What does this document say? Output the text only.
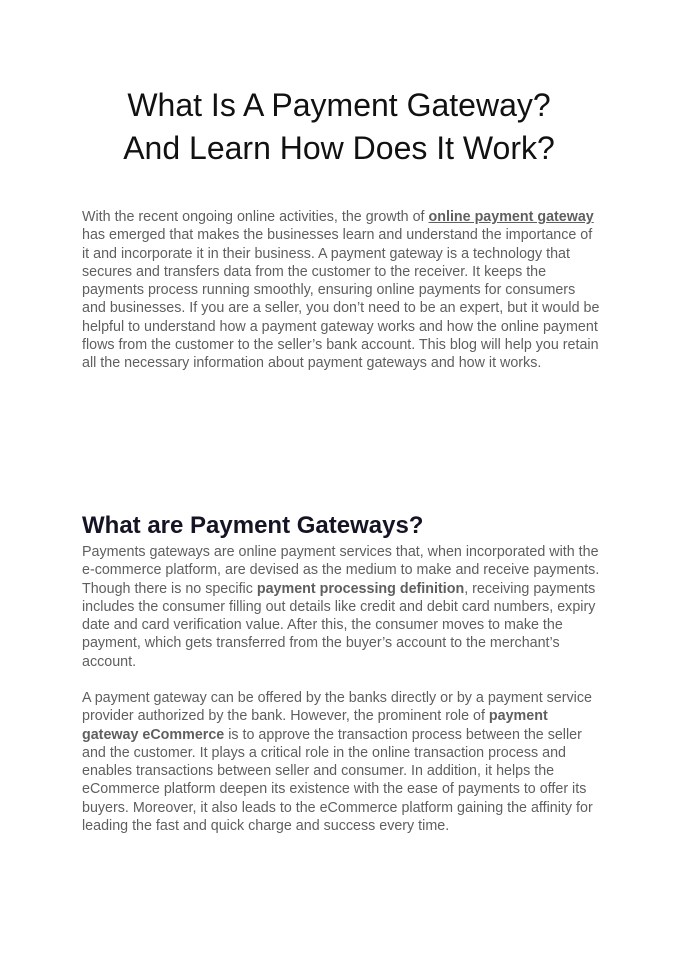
What Is A Payment Gateway?
And Learn How Does It Work?

With the recent ongoing online activities, the growth of online payment gateway has emerged that makes the businesses learn and understand the importance of it and incorporate it in their business. A payment gateway is a technology that secures and transfers data from the customer to the receiver. It keeps the payments process running smoothly, ensuring online payments for consumers and businesses. If you are a seller, you don’t need to be an expert, but it would be helpful to understand how a payment gateway works and how the online payment flows from the customer to the seller’s bank account. This blog will help you retain all the necessary information about payment gateways and how it works.

What are Payment Gateways?

Payments gateways are online payment services that, when incorporated with the e-commerce platform, are devised as the medium to make and receive payments. Though there is no specific payment processing definition, receiving payments includes the consumer filling out details like credit and debit card numbers, expiry date and card verification value. After this, the consumer moves to make the payment, which gets transferred from the buyer’s account to the merchant’s account.

A payment gateway can be offered by the banks directly or by a payment service provider authorized by the bank. However, the prominent role of payment gateway eCommerce is to approve the transaction process between the seller and the customer. It plays a critical role in the online transaction process and enables transactions between seller and consumer. In addition, it helps the eCommerce platform deepen its existence with the ease of payments to offer its buyers. Moreover, it also leads to the eCommerce platform gaining the affinity for leading the fast and quick charge and success every time.
